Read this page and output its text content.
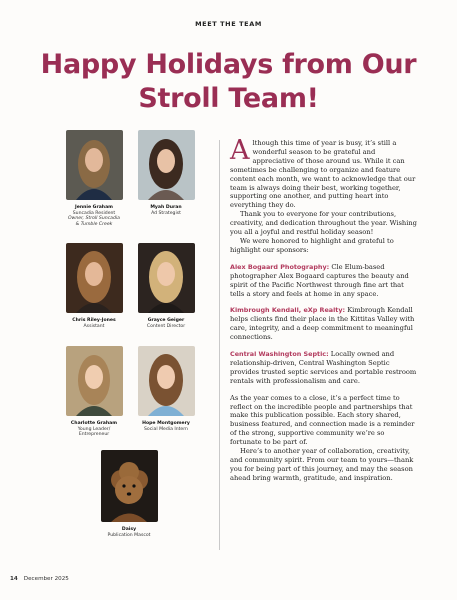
MEET THE TEAM
Happy Holidays from Our
Stroll Team!
Jennie Graham
Suncadia Resident
Owner, Stroll Suncadia
& Tumble Creek
Myah Duran
Ad Strategist
Chris Riley-Jones
Assistant
Grayce Geiger
Content Director
Charlotte Graham
Young Leader/
Entrepreneur
Hope Montgomery
Social Media Intern
Daisy
Publication Mascot

Although this time of year is busy, it’s still a wonderful season to be grateful and appreciative of those around us. While it can sometimes be challenging to organize and feature content each month, we want to acknowledge that our team is always doing their best, working together, supporting one another, and putting heart into everything they do.

Thank you to everyone for your contributions, creativity, and dedication throughout the year. Wishing you all a joyful and restful holiday season!

We were honored to highlight and grateful to highlight our sponsors:

Alex Bogaard Photography: Cle Elum-based photographer Alex Bogaard captures the beauty and spirit of the Pacific Northwest through fine art that tells a story and feels at home in any space.

Kimbrough Kendall, eXp Realty: Kimbrough Kendall helps clients find their place in the Kittitas Valley with care, integrity, and a deep commitment to meaningful connections.

Central Washington Septic: Locally owned and relationship-driven, Central Washington Septic provides trusted septic services and portable restroom rentals with professionalism and care.

As the year comes to a close, it’s a perfect time to reflect on the incredible people and partnerships that make this publication possible. Each story shared, business featured, and connection made is a reminder of the strong, supportive community we’re so fortunate to be part of.

Here’s to another year of collaboration, creativity, and community spirit. From our team to yours—thank you for being part of this journey, and may the season ahead bring warmth, gratitude, and inspiration.

14 December 2025
